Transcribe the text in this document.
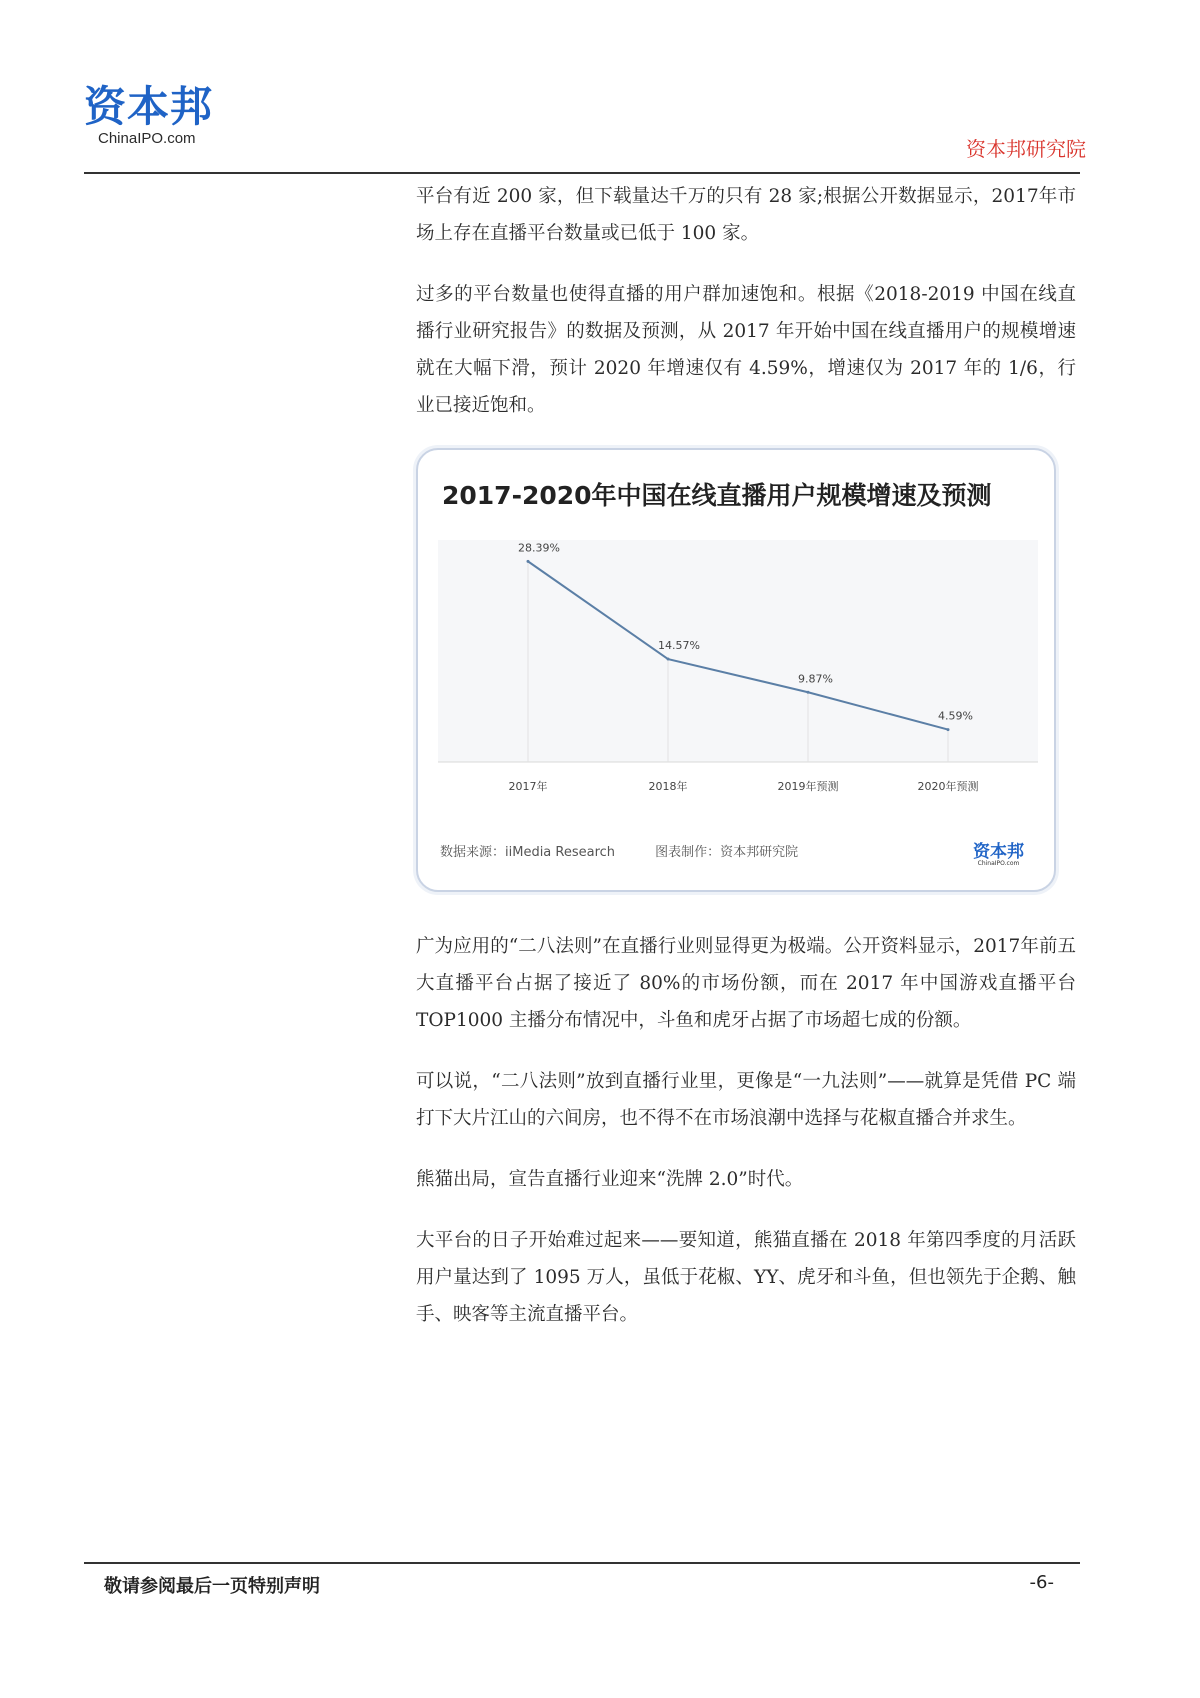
资本邦
ChinaIPO.com	资本邦研究院

平台有近 200 家，但下载量达千万的只有 28 家;根据公开数据显示，2017年市场上存在直播平台数量或已低于 100 家。

过多的平台数量也使得直播的用户群加速饱和。根据《2018-2019 中国在线直播行业研究报告》的数据及预测，从 2017 年开始中国在线直播用户的规模增速就在大幅下滑，预计 2020 年增速仅有 4.59%，增速仅为 2017 年的 1/6，行业已接近饱和。

2017-2020年中国在线直播用户规模增速及预测
28.39%
14.57%
9.87%
4.59%
2017年	2018年	2019年预测	2020年预测
数据来源：iiMedia Research	图表制作：资本邦研究院	资本邦
ChinaIPO.com

广为应用的“二八法则”在直播行业则显得更为极端。公开资料显示，2017年前五大直播平台占据了接近了 80%的市场份额，而在 2017 年中国游戏直播平台 TOP1000 主播分布情况中，斗鱼和虎牙占据了市场超七成的份额。

可以说，“二八法则”放到直播行业里，更像是“一九法则”——就算是凭借 PC 端打下大片江山的六间房，也不得不在市场浪潮中选择与花椒直播合并求生。

熊猫出局，宣告直播行业迎来“洗牌 2.0”时代。

大平台的日子开始难过起来——要知道，熊猫直播在 2018 年第四季度的月活跃用户量达到了 1095 万人，虽低于花椒、YY、虎牙和斗鱼，但也领先于企鹅、触手、映客等主流直播平台。

敬请参阅最后一页特别声明	-6-
